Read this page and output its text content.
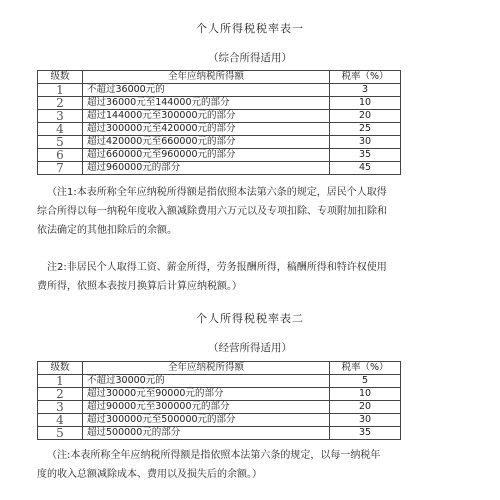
个人所得税税率表一
（综合所得适用）
级数	全年应纳税所得额	税率（%）
1	不超过36000元的	3
2	超过36000元至144000元的部分	10
3	超过144000元至300000元的部分	20
4	超过300000元至420000元的部分	25
5	超过420000元至660000元的部分	30
6	超过660000元至960000元的部分	35
7	超过960000元的部分	45

（注1:本表所称全年应纳税所得额是指依照本法第六条的规定，居民个人取得综合所得以每一纳税年度收入额减除费用六万元以及专项扣除、专项附加扣除和依法确定的其他扣除后的余额。

注2:非居民个人取得工资、薪金所得，劳务报酬所得，稿酬所得和特许权使用费所得，依照本表按月换算后计算应纳税额。）

个人所得税税率表二
（经营所得适用）
级数	全年应纳税所得额	税率（%）
1	不超过30000元的	5
2	超过30000元至90000元的部分	10
3	超过90000元至300000元的部分	20
4	超过300000元至500000元的部分	30
5	超过500000元的部分	35

（注:本表所称全年应纳税所得额是指依照本法第六条的规定，以每一纳税年度的收入总额减除成本、费用以及损失后的余额。）
